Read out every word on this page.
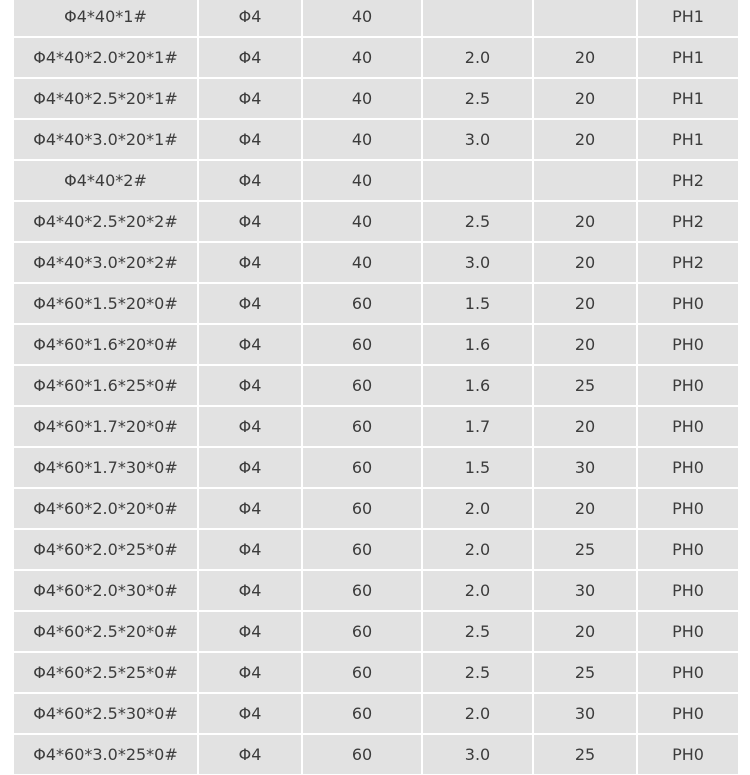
Φ4*40*1#	Φ4	40			PH1
Φ4*40*2.0*20*1#	Φ4	40	2.0	20	PH1
Φ4*40*2.5*20*1#	Φ4	40	2.5	20	PH1
Φ4*40*3.0*20*1#	Φ4	40	3.0	20	PH1
Φ4*40*2#	Φ4	40			PH2
Φ4*40*2.5*20*2#	Φ4	40	2.5	20	PH2
Φ4*40*3.0*20*2#	Φ4	40	3.0	20	PH2
Φ4*60*1.5*20*0#	Φ4	60	1.5	20	PH0
Φ4*60*1.6*20*0#	Φ4	60	1.6	20	PH0
Φ4*60*1.6*25*0#	Φ4	60	1.6	25	PH0
Φ4*60*1.7*20*0#	Φ4	60	1.7	20	PH0
Φ4*60*1.7*30*0#	Φ4	60	1.5	30	PH0
Φ4*60*2.0*20*0#	Φ4	60	2.0	20	PH0
Φ4*60*2.0*25*0#	Φ4	60	2.0	25	PH0
Φ4*60*2.0*30*0#	Φ4	60	2.0	30	PH0
Φ4*60*2.5*20*0#	Φ4	60	2.5	20	PH0
Φ4*60*2.5*25*0#	Φ4	60	2.5	25	PH0
Φ4*60*2.5*30*0#	Φ4	60	2.0	30	PH0
Φ4*60*3.0*25*0#	Φ4	60	3.0	25	PH0
